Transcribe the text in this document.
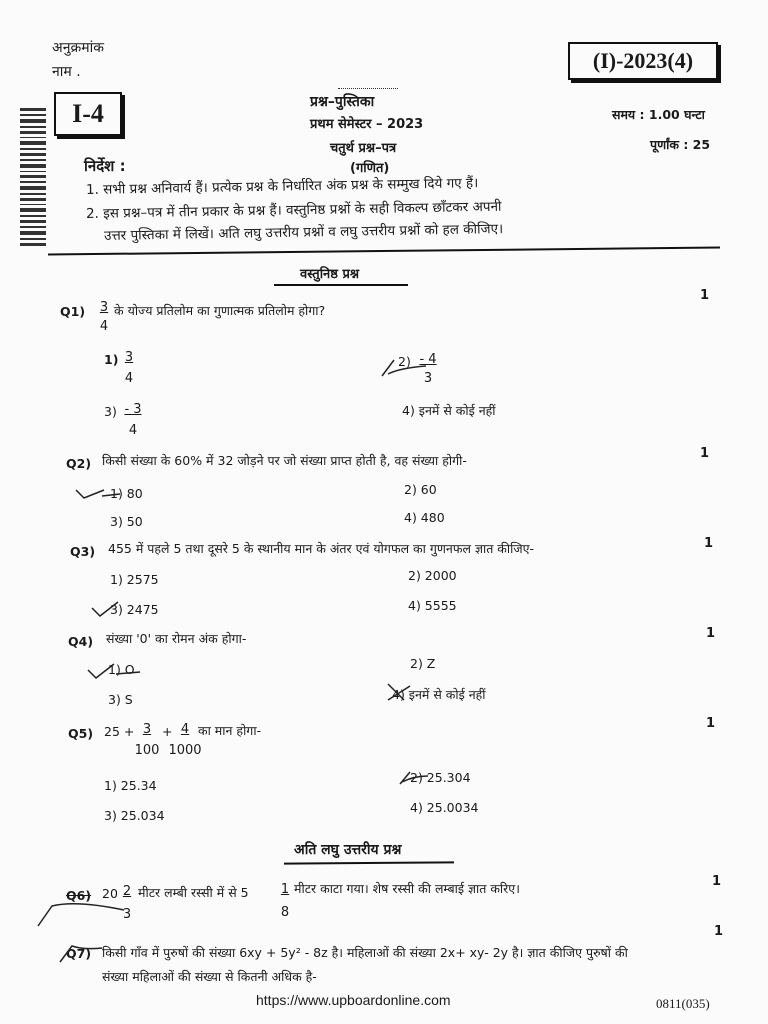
अनुक्रमांक
नाम .	(I)-2023(4)
I-4	प्रश्न–पुस्तिका
प्रथम सेमेस्टर – 2023
चतुर्थ प्रश्न–पत्र
(गणित)
समय : 1.00 घन्टा
पूर्णांक : 25
निर्देश :
1. सभी प्रश्न अनिवार्य हैं। प्रत्येक प्रश्न के निर्धारित अंक प्रश्न के सम्मुख दिये गए हैं।
2. इस प्रश्न–पत्र में तीन प्रकार के प्रश्न हैं। वस्तुनिष्ठ प्रश्नों के सही विकल्प छाँटकर अपनी
उत्तर पुस्तिका में लिखें। अति लघु उत्तरीय प्रश्नों व लघु उत्तरीय प्रश्नों को हल कीजिए।
वस्तुनिष्ठ प्रश्न
$Q1) \frac{3}{4}$ के योज्य प्रतिलोम का गुणात्मक प्रतिलोम होगा?
1
$1) \frac{3}{4}$	$2) \frac{- 4}{3}$
$3) \frac{- 3}{4}$	4) इनमें से कोई नहीं
Q2) किसी संख्या के 60% में 32 जोड़ने पर जो संख्या प्राप्त होती है, वह संख्या होगी-	1
1) 80	2) 60
3) 50	4) 480
Q3) 455 में पहले 5 तथा दूसरे 5 के स्थानीय मान के अंतर एवं योगफल का गुणनफल ज्ञात कीजिए-	1
1) 2575	2) 2000
3) 2475	4) 5555
Q4) संख्या '0' का रोमन अंक होगा-	1
1) O	2) Z
3) S	4) इनमें से कोई नहीं
Q5) 25 +
$\frac{3}{100}$
+
$\frac{4}{1000}$
का मान होगा-	1
1) 25.34
2) 25.304
3) 25.034
4) 25.0034
अति लघु उत्तरीय प्रश्न
Q6) $20 \frac{2}{3}$ मीटर लम्बी रस्सी में से $5 \frac{1}{8}$ मीटर काटा गया। शेष रस्सी की लम्बाई ज्ञात करिए।	1
Q7) किसी गाँव में पुरुषों की संख्या 6xy + 5y² - 8z है। महिलाओं की संख्या 2x+ xy- 2y है। ज्ञात कीजिए पुरुषों की
संख्या महिलाओं की संख्या से कितनी अधिक है-
1
https://www.upboardonline.com	0811(035)
